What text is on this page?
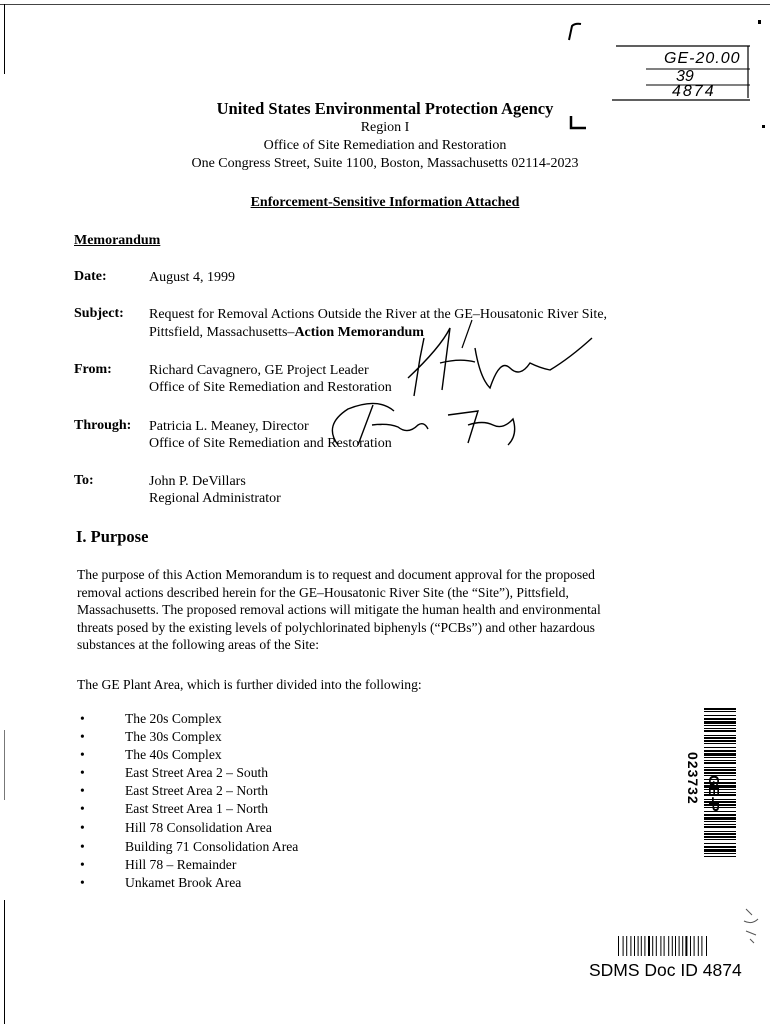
GE-20.00
39
4874
United States Environmental Protection Agency
Region I
Office of Site Remediation and Restoration
One Congress Street, Suite 1100, Boston, Massachusetts 02114-2023
Enforcement-Sensitive Information Attached
Memorandum
Date:	August 4, 1999
Subject: Request for Removal Actions Outside the River at the GE–Housatonic River Site,
Pittsfield, Massachusetts–Action Memorandum
From:	Richard Cavagnero, GE Project Leader
Office of Site Remediation and Restoration
Through: Patricia L. Meaney, Director
Office of Site Remediation and Restoration
To:	John P. DeVillars
Regional Administrator
I. Purpose
The purpose of this Action Memorandum is to request and document approval for the proposed
removal actions described herein for the GE–Housatonic River Site (the “Site”), Pittsfield,
Massachusetts. The proposed removal actions will mitigate the human health and environmental
threats posed by the existing levels of polychlorinated biphenyls (“PCBs”) and other hazardous
substances at the following areas of the Site:
The GE Plant Area, which is further divided into the following:
•	The 20s Complex
•	The 30s Complex
•	The 40s Complex
•	East Street Area 2 – South
•	East Street Area 2 – North
•	East Street Area 1 – North
•	Hill 78 Consolidation Area
•	Building 71 Consolidation Area
•	Hill 78 – Remainder
•	Unkamet Brook Area
GE-P
023732
SDMS Doc ID 4874
